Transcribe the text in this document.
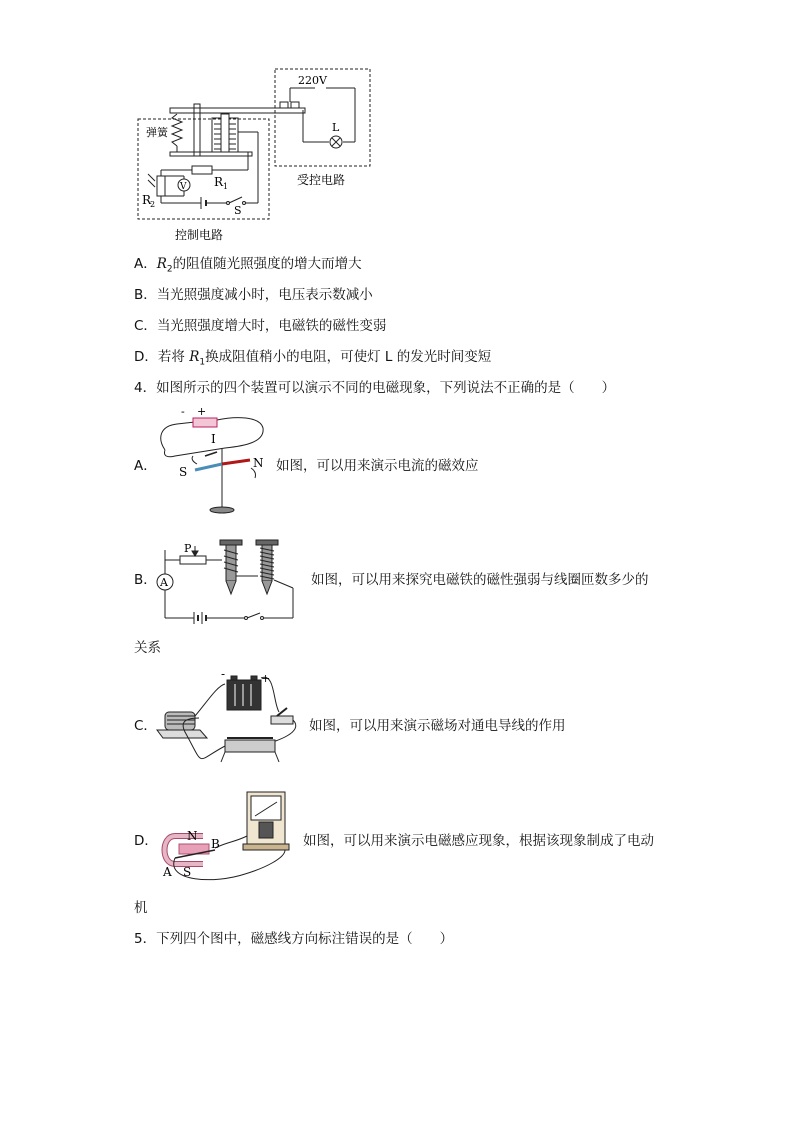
220V
L
弹簧
R 1
R
2
V
S
受控电路
控制电路
A．$R_2$的阻值随光照强度的增大而增大
B．当光照强度减小时，电压表示数减小
C．当光照强度增大时，电磁铁的磁性变弱
D．若将 $R_1$换成阻值稍小的电阻，可使灯 L 的发光时间变短
4．如图所示的四个装置可以演示不同的电磁现象，下列说法不正确的是（　　）
A．
- +
I
S
N 如图，可以用来演示电流的磁效应
B．
P
A	如图，可以用来探究电磁铁的磁性强弱与线圈匝数多少的
关系
C．
-	+
如图，可以用来演示磁场对通电导线的作用
D． N
S
A
B	如图，可以用来演示电磁感应现象，根据该现象制成了电动
机
5．下列四个图中，磁感线方向标注错误的是（　　）
